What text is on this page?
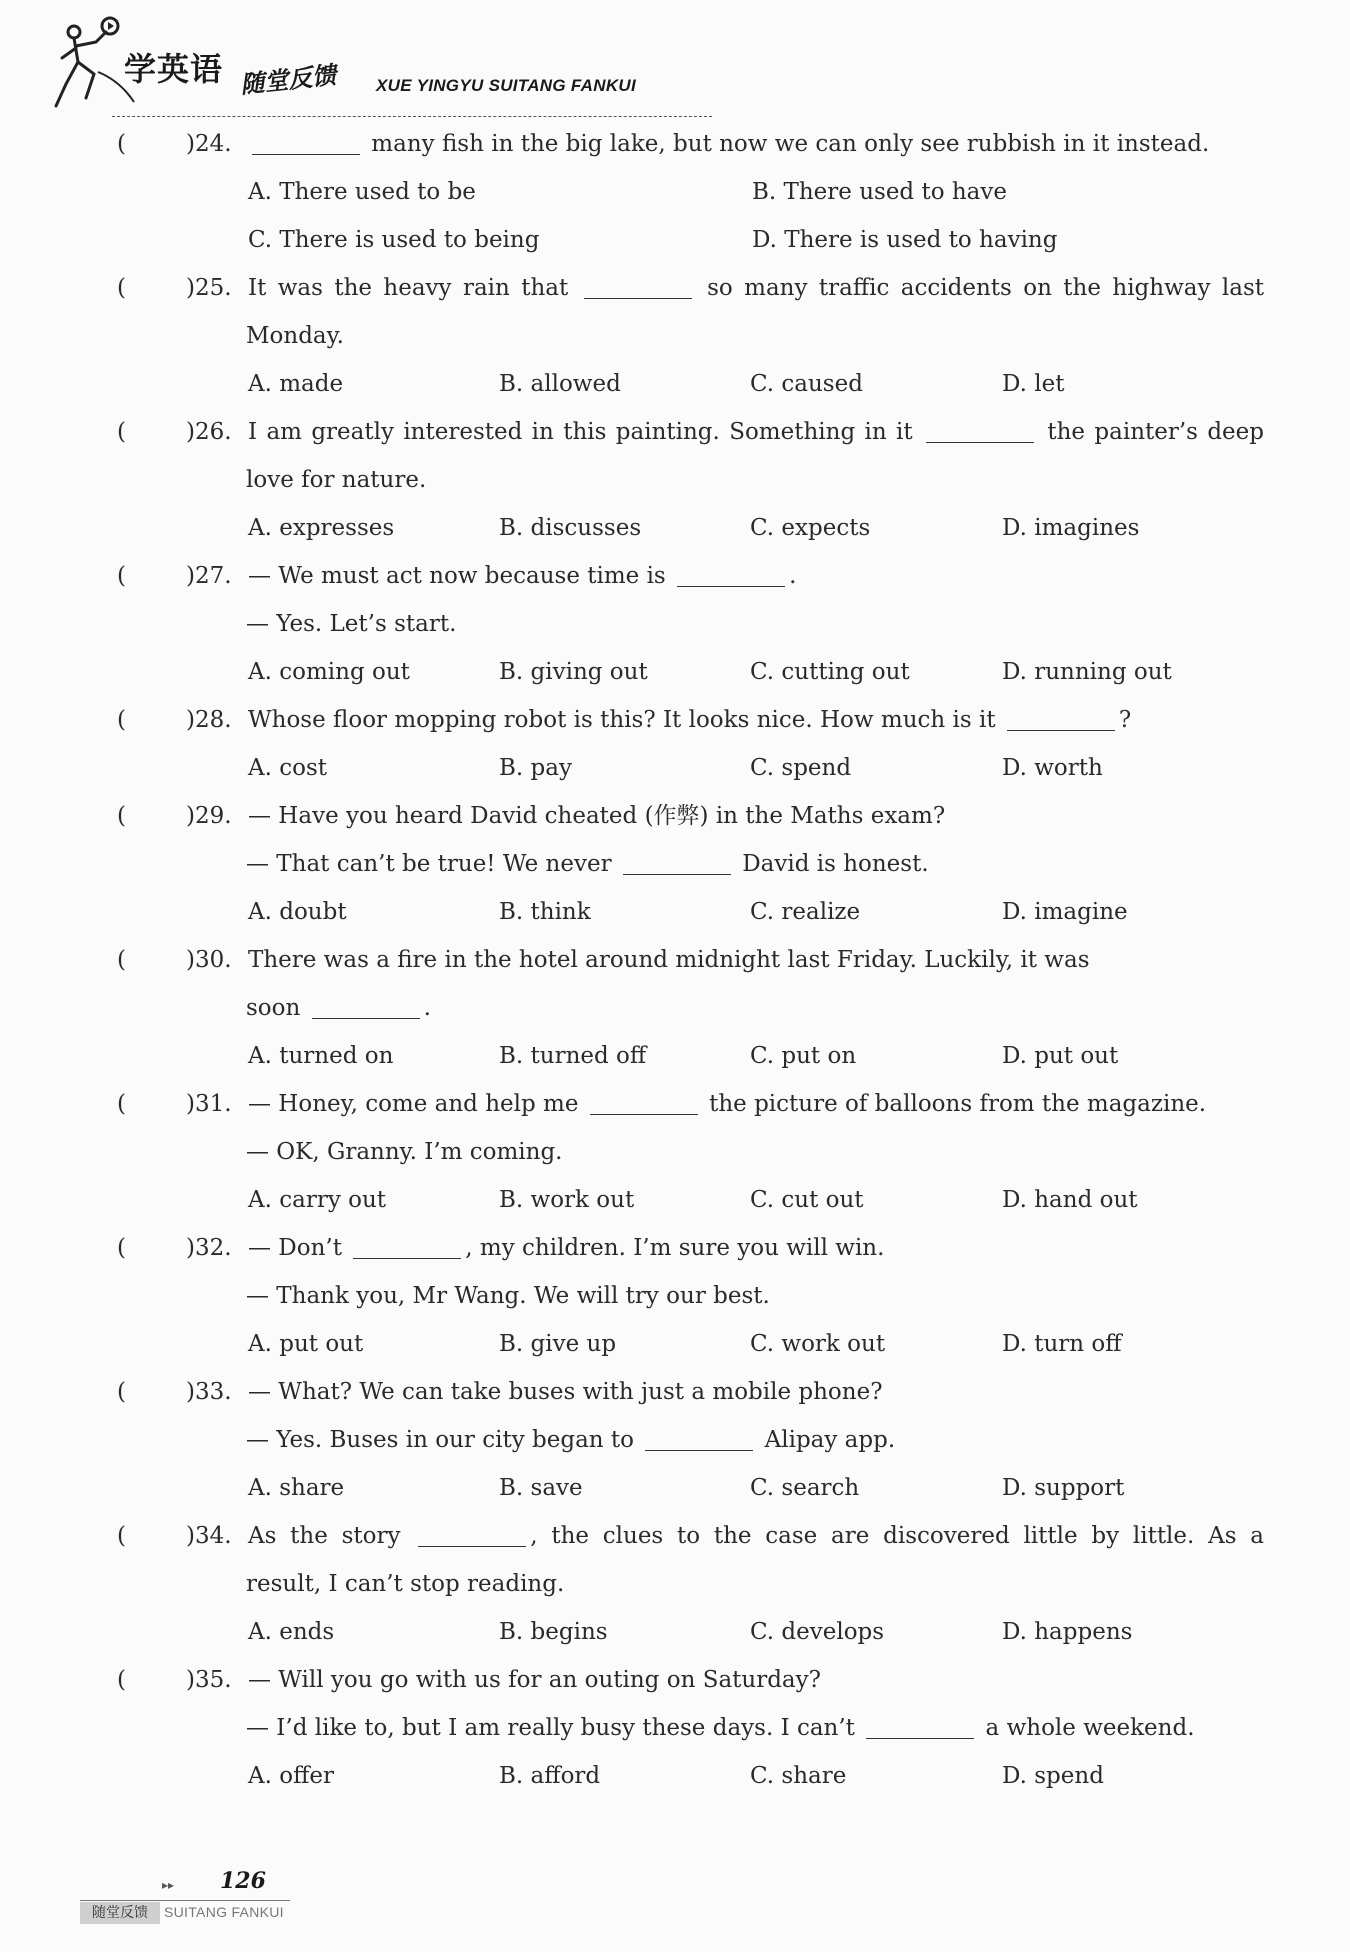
学英语 随堂反馈 XUE YINGYU SUITANG FANKUI
(	)24.	many fish in the big lake, but now we can only see rubbish in it instead.
A. There used to be	B. There used to have
C. There is used to being	D. There is used to having
(	)25. It was the heavy rain that	so many traffic accidents on the highway last
Monday.
A. made	B. allowed	C. caused	D. let
(	)26. I am greatly interested in this painting. Something in it	the painter’s deep
love for nature.
A. expresses	B. discusses	C. expects	D. imagines
(	)27. — We must act now because time is	.
— Yes. Let’s start.
A. coming out	B. giving out	C. cutting out	D. running out
(	)28. Whose floor mopping robot is this? It looks nice. How much is it	?
A. cost	B. pay	C. spend	D. worth
(	)29. — Have you heard David cheated (作弊) in the Maths exam?
— That can’t be true! We never	David is honest.
A. doubt	B. think	C. realize	D. imagine
(	)30. There was a fire in the hotel around midnight last Friday. Luckily, it was
soon	.
A. turned on	B. turned off	C. put on	D. put out
(	)31. — Honey, come and help me	the picture of balloons from the magazine.
— OK, Granny. I’m coming.
A. carry out	B. work out	C. cut out	D. hand out
(	)32. — Don’t	, my children. I’m sure you will win.
— Thank you, Mr Wang. We will try our best.
A. put out	B. give up	C. work out	D. turn off
(	)33. — What? We can take buses with just a mobile phone?
— Yes. Buses in our city began to	Alipay app.
A. share	B. save	C. search	D. support
(	)34. As the story	, the clues to the case are discovered little by little. As a
result, I can’t stop reading.
A. ends	B. begins	C. develops	D. happens
(	)35. — Will you go with us for an outing on Saturday?
— I’d like to, but I am really busy these days. I can’t	a whole weekend.
A. offer	B. afford	C. share	D. spend
▸▸ 126
随堂反馈	SUITANG FANKUI
